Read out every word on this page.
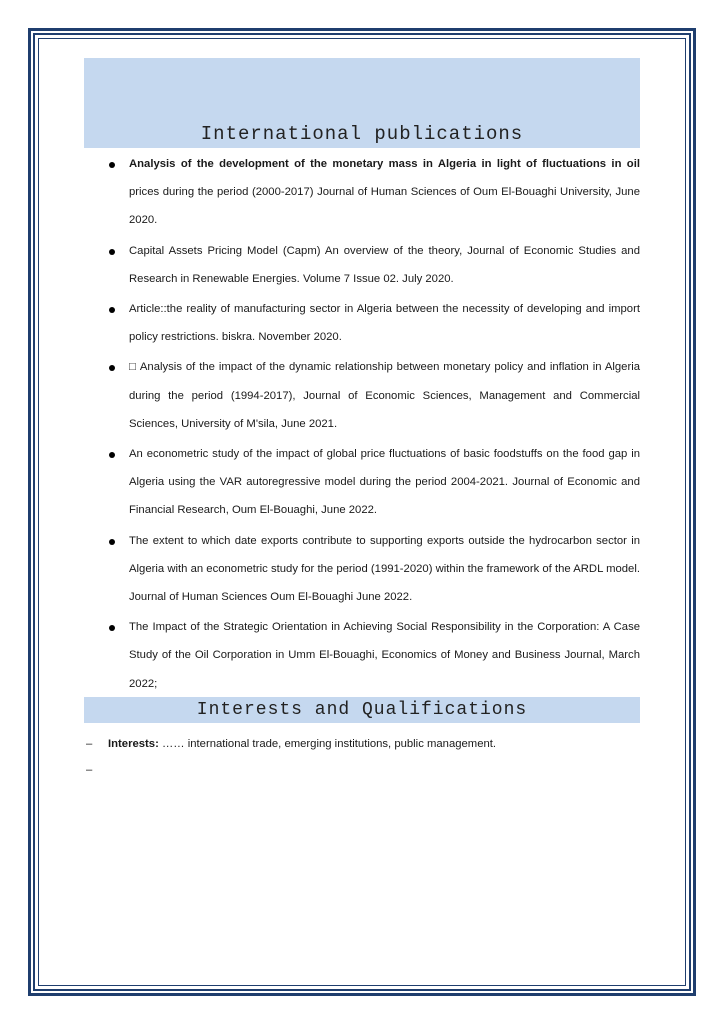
International publications
Analysis of the development of the monetary mass in Algeria in light of fluctuations in oil prices during the period (2000-2017) Journal of Human Sciences of Oum El-Bouaghi University, June 2020.
Capital Assets Pricing Model (Capm) An overview of the theory, Journal of Economic Studies and Research in Renewable Energies. Volume 7 Issue 02. July 2020.
Article::the reality of manufacturing sector in Algeria between the necessity of developing and import policy restrictions. biskra. November 2020.
□ Analysis of the impact of the dynamic relationship between monetary policy and inflation in Algeria during the period (1994-2017), Journal of Economic Sciences, Management and Commercial Sciences, University of M'sila, June 2021.
An econometric study of the impact of global price fluctuations of basic foodstuffs on the food gap in Algeria using the VAR autoregressive model during the period 2004-2021. Journal of Economic and Financial Research, Oum El-Bouaghi, June 2022.
The extent to which date exports contribute to supporting exports outside the hydrocarbon sector in Algeria with an econometric study for the period (1991-2020) within the framework of the ARDL model. Journal of Human Sciences Oum El-Bouaghi June 2022.
The Impact of the Strategic Orientation in Achieving Social Responsibility in the Corporation: A Case Study of the Oil Corporation in Umm El-Bouaghi, Economics of Money and Business Journal, March 2022;
Interests and Qualifications
– Interests: …… international trade, emerging institutions, public management.
–
